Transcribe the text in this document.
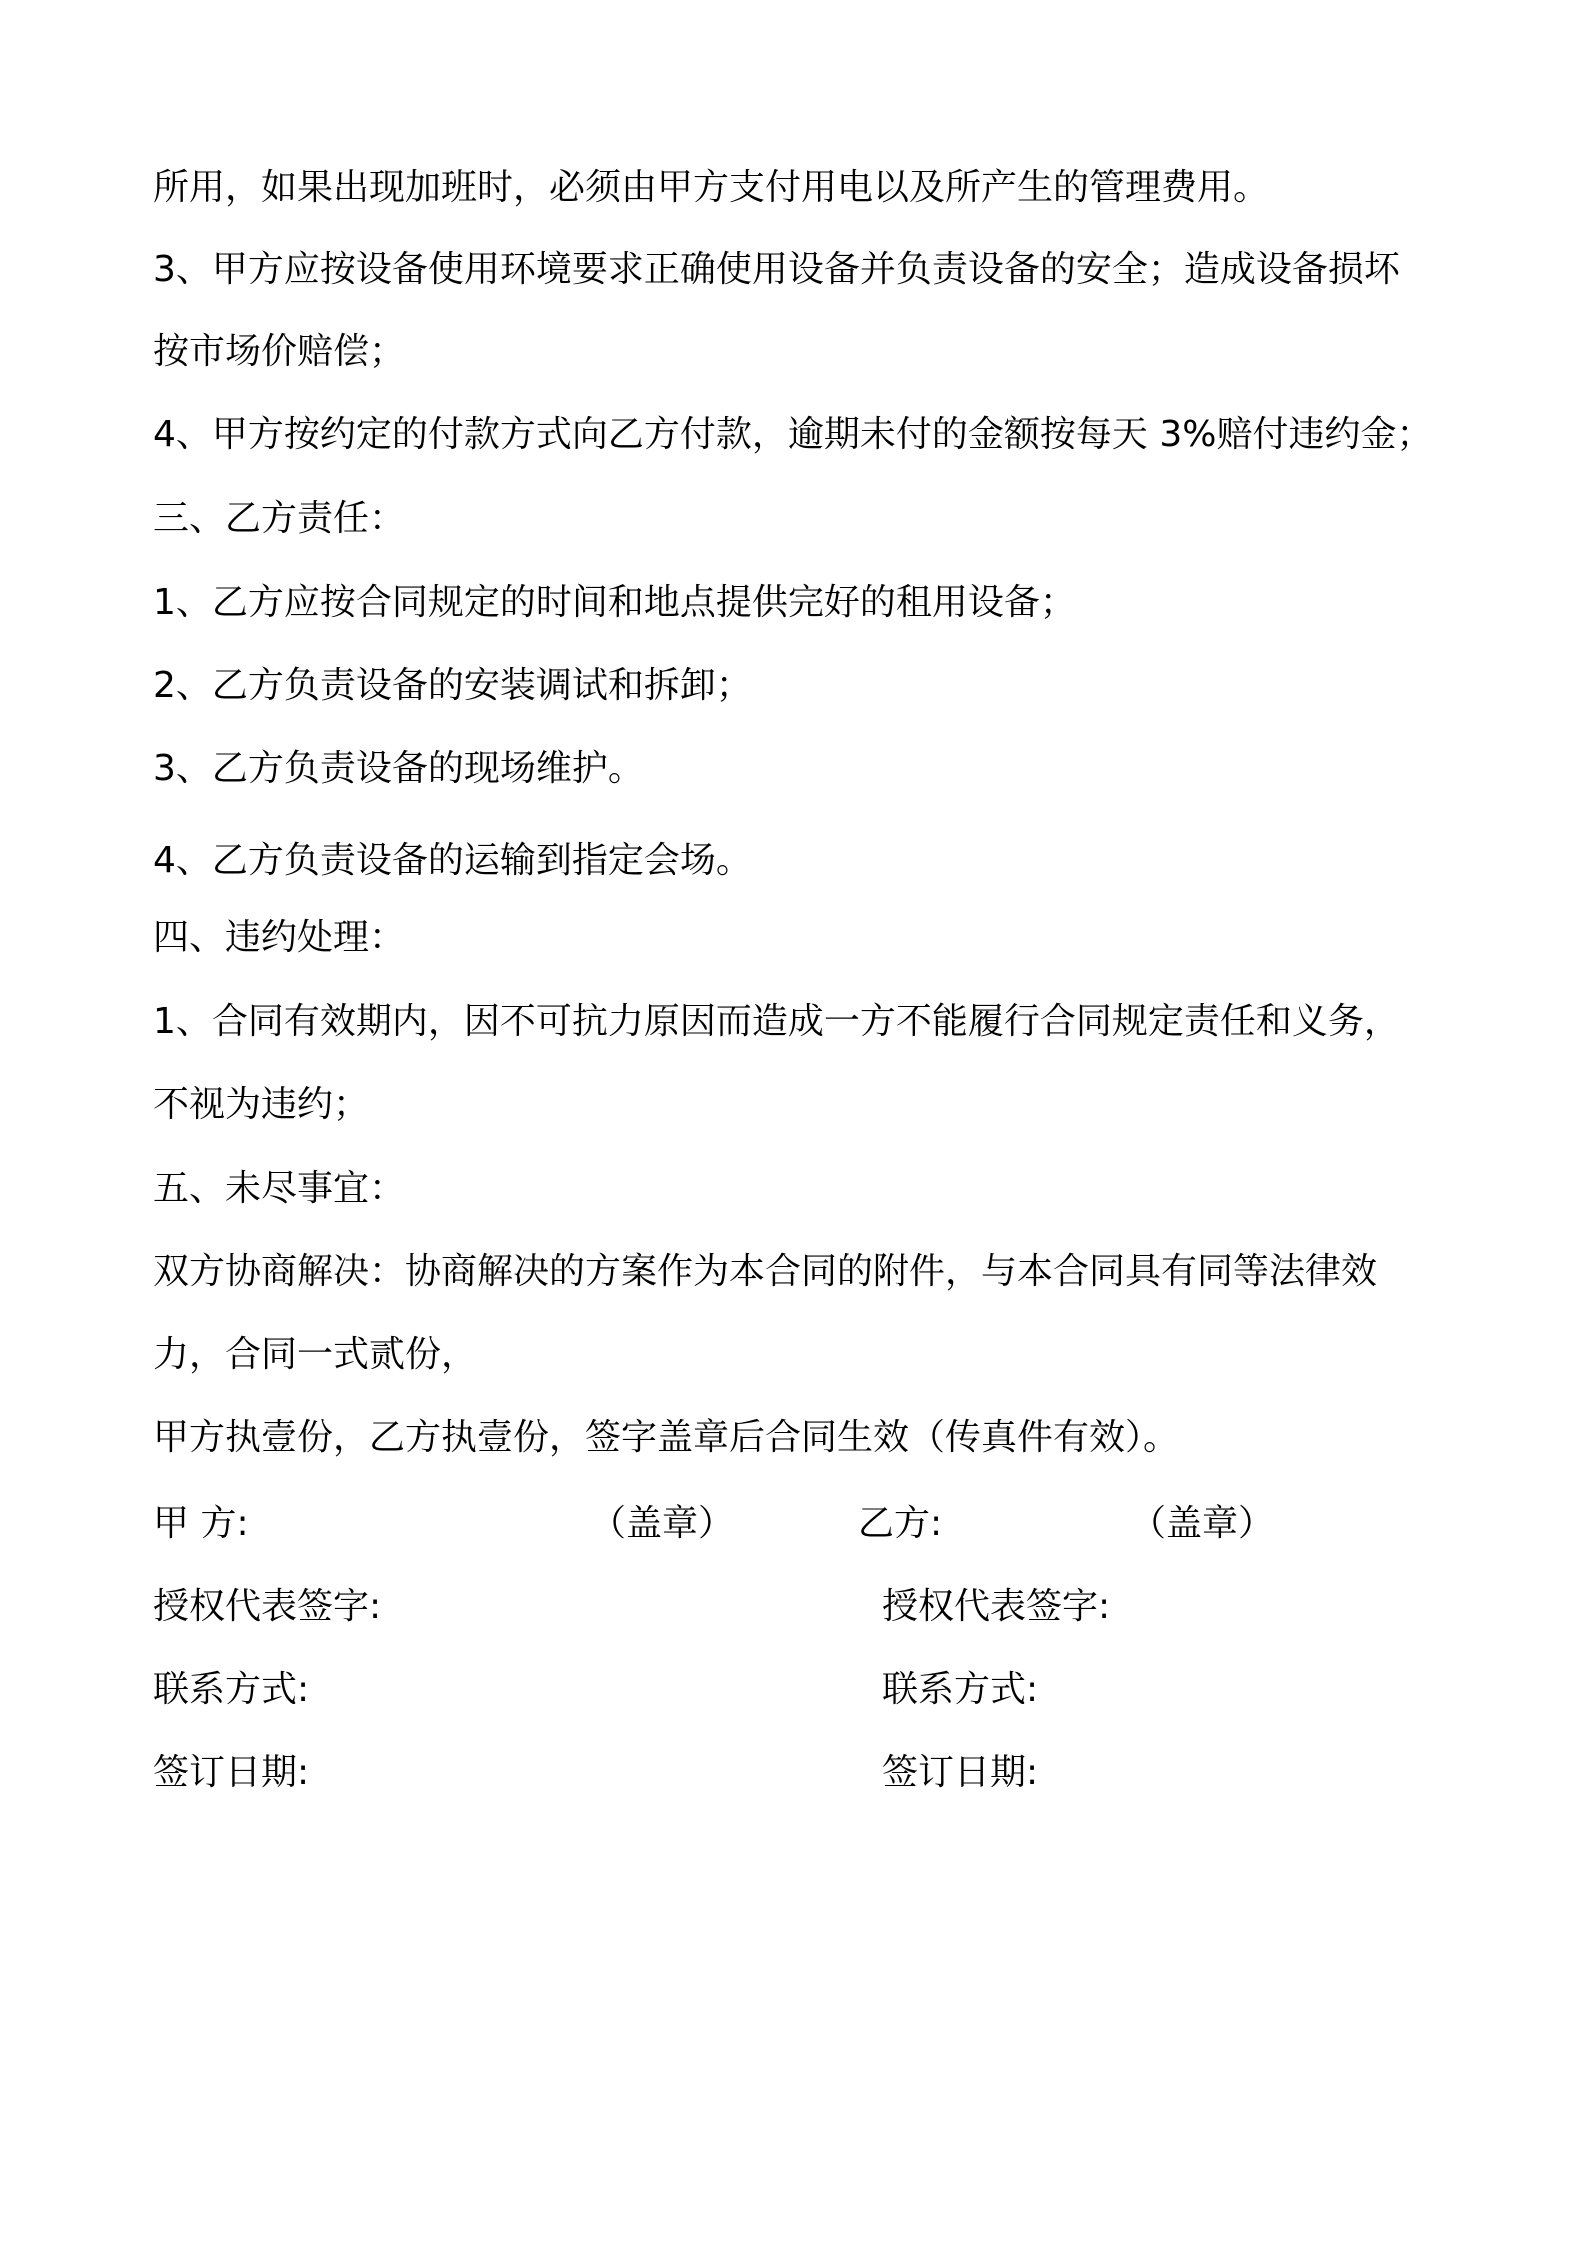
所用，如果出现加班时，必须由甲方支付用电以及所产生的管理费用。
3、甲方应按设备使用环境要求正确使用设备并负责设备的安全；造成设备损坏
按市场价赔偿；
4、甲方按约定的付款方式向乙方付款，逾期未付的金额按每天 3%赔付违约金；
三、乙方责任：
1、乙方应按合同规定的时间和地点提供完好的租用设备；
2、乙方负责设备的安装调试和拆卸；
3、乙方负责设备的现场维护。
4、乙方负责设备的运输到指定会场。
四、违约处理：
1、合同有效期内，因不可抗力原因而造成一方不能履行合同规定责任和义务，
不视为违约；
五、未尽事宜：
双方协商解决：协商解决的方案作为本合同的附件，与本合同具有同等法律效
力，合同一式贰份，
甲方执壹份，乙方执壹份，签字盖章后合同生效（传真件有效）。
甲 方:	（盖章）	乙方:	（盖章）
授权代表签字:	授权代表签字:
联系方式:	联系方式:
签订日期:	签订日期:
